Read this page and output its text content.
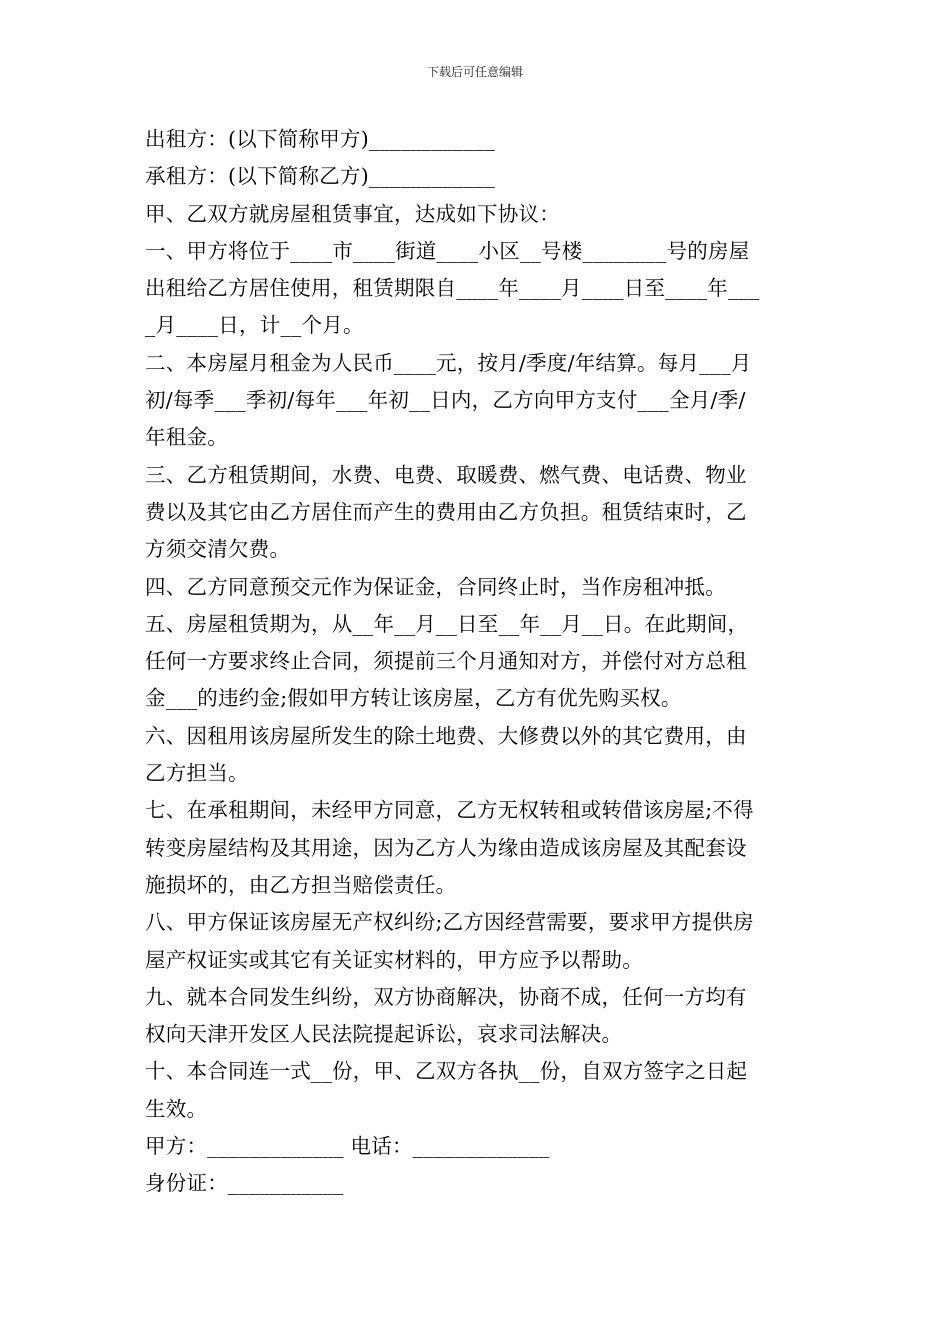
下载后可任意编辑
出租方：(以下简称甲方)____________
承租方：(以下简称乙方)____________
甲、乙双方就房屋租赁事宜，达成如下协议：
一、甲方将位于____市____街道____小区__号楼________号的房屋
出租给乙方居住使用，租赁期限自____年____月____日至____年___
_月____日，计__个月。
二、本房屋月租金为人民币____元，按月/季度/年结算。每月___月
初/每季___季初/每年___年初__日内，乙方向甲方支付___全月/季/
年租金。
三、乙方租赁期间，水费、电费、取暖费、燃气费、电话费、物业
费以及其它由乙方居住而产生的费用由乙方负担。租赁结束时，乙
方须交清欠费。
四、乙方同意预交元作为保证金，合同终止时，当作房租冲抵。
五、房屋租赁期为，从__年__月__日至__年__月__日。在此期间，
任何一方要求终止合同，须提前三个月通知对方，并偿付对方总租
金___的违约金;假如甲方转让该房屋，乙方有优先购买权。
六、因租用该房屋所发生的除土地费、大修费以外的其它费用，由
乙方担当。
七、在承租期间，未经甲方同意，乙方无权转租或转借该房屋;不得
转变房屋结构及其用途，因为乙方人为缘由造成该房屋及其配套设
施损坏的，由乙方担当赔偿责任。
八、甲方保证该房屋无产权纠纷;乙方因经营需要，要求甲方提供房
屋产权证实或其它有关证实材料的，甲方应予以帮助。
九、就本合同发生纠纷，双方协商解决，协商不成，任何一方均有
权向天津开发区人民法院提起诉讼，哀求司法解决。
十、本合同连一式__份，甲、乙双方各执__份，自双方签字之日起
生效。
甲方：_____________ 电话：_____________
身份证：___________
